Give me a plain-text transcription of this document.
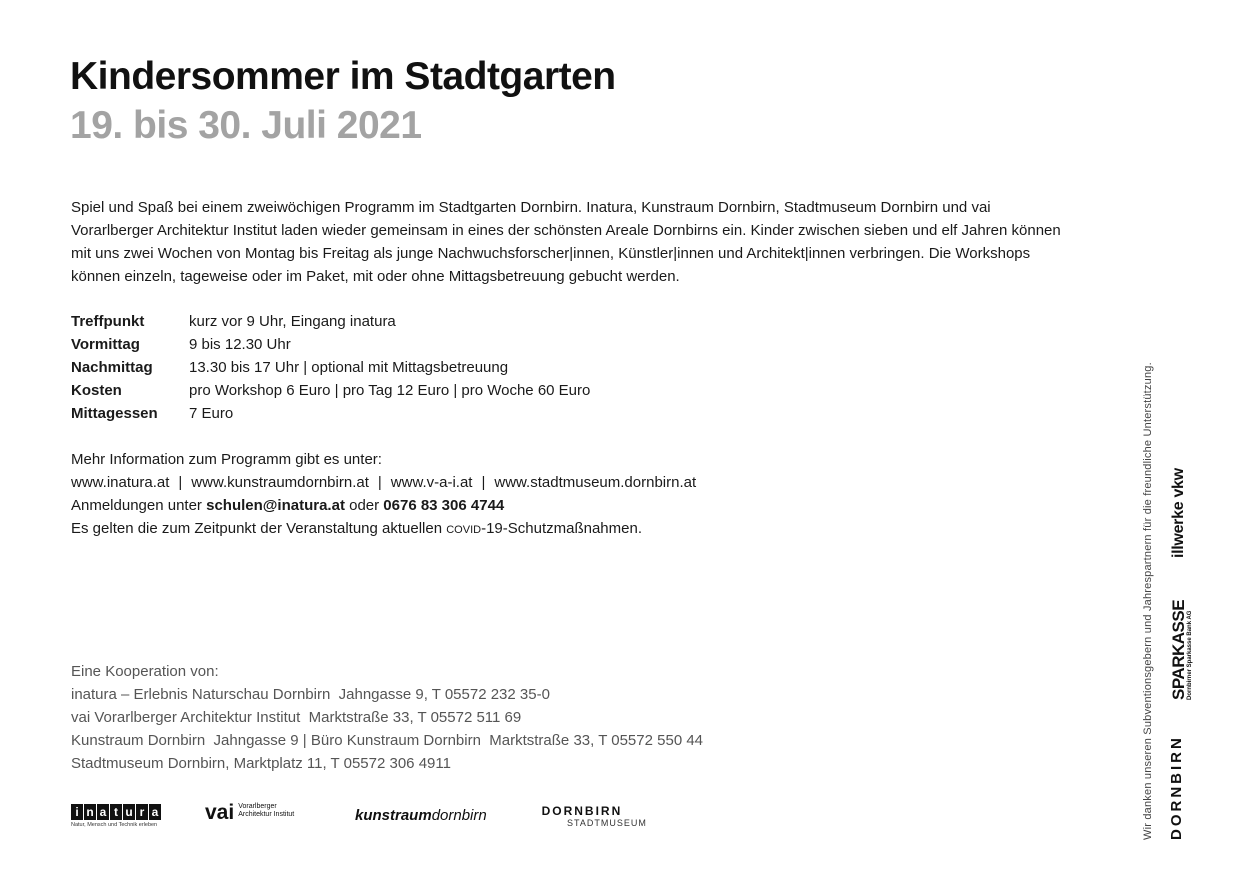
Kindersommer im Stadtgarten
19. bis 30. Juli 2021

Spiel und Spaß bei einem zweiwöchigen Programm im Stadtgarten Dornbirn. Inatura, Kunstraum Dornbirn, Stadtmuseum Dornbirn und vai Vorarlberger Architektur Institut laden wieder gemeinsam in eines der schönsten Areale Dornbirns ein. Kinder zwischen sieben und elf Jahren können mit uns zwei Wochen von Montag bis Freitag als junge Nachwuchsforscher|innen, Künstler|innen und Architekt|innen verbringen. Die Workshops können einzeln, tageweise oder im Paket, mit oder ohne Mittagsbetreuung gebucht werden.

Treffpunkt	kurz vor 9 Uhr, Eingang inatura
Vormittag	9 bis 12.30 Uhr
Nachmittag	13.30 bis 17 Uhr | optional mit Mittagsbetreuung
Kosten	pro Workshop 6 Euro | pro Tag 12 Euro | pro Woche 60 Euro
Mittagessen	7 Euro

Mehr Information zum Programm gibt es unter:

www.inatura.at | www.kunstraumdornbirn.at | www.v-a-i.at | www.stadtmuseum.dornbirn.at

Anmeldungen unter schulen@inatura.at oder 0676 83 306 4744

Es gelten die zum Zeitpunkt der Veranstaltung aktuellen covid-19-Schutzmaßnahmen.

Eine Kooperation von:

inatura – Erlebnis Naturschau Dornbirn  Jahngasse 9, T 05572 232 35-0

vai Vorarlberger Architektur Institut  Marktstraße 33, T 05572 511 69

Kunstraum Dornbirn  Jahngasse 9 | Büro Kunstraum Dornbirn  Marktstraße 33, T 05572 550 44

Stadtmuseum Dornbirn, Marktplatz 11, T 05572 306 4911

i n a t u r a
Natur, Mensch und Technik erleben
vai Vorarlberger
Architektur Institut	kunstraumdornbirn	DORNBIRN
STADTMUSEUM	Wir danken unseren Subventionsgebern und Jahrespartnern für die freundliche Unterstützung. illwerke vkw
SPARKASSE Dornbirner Sparkasse Bank AG
DORNBIRN
